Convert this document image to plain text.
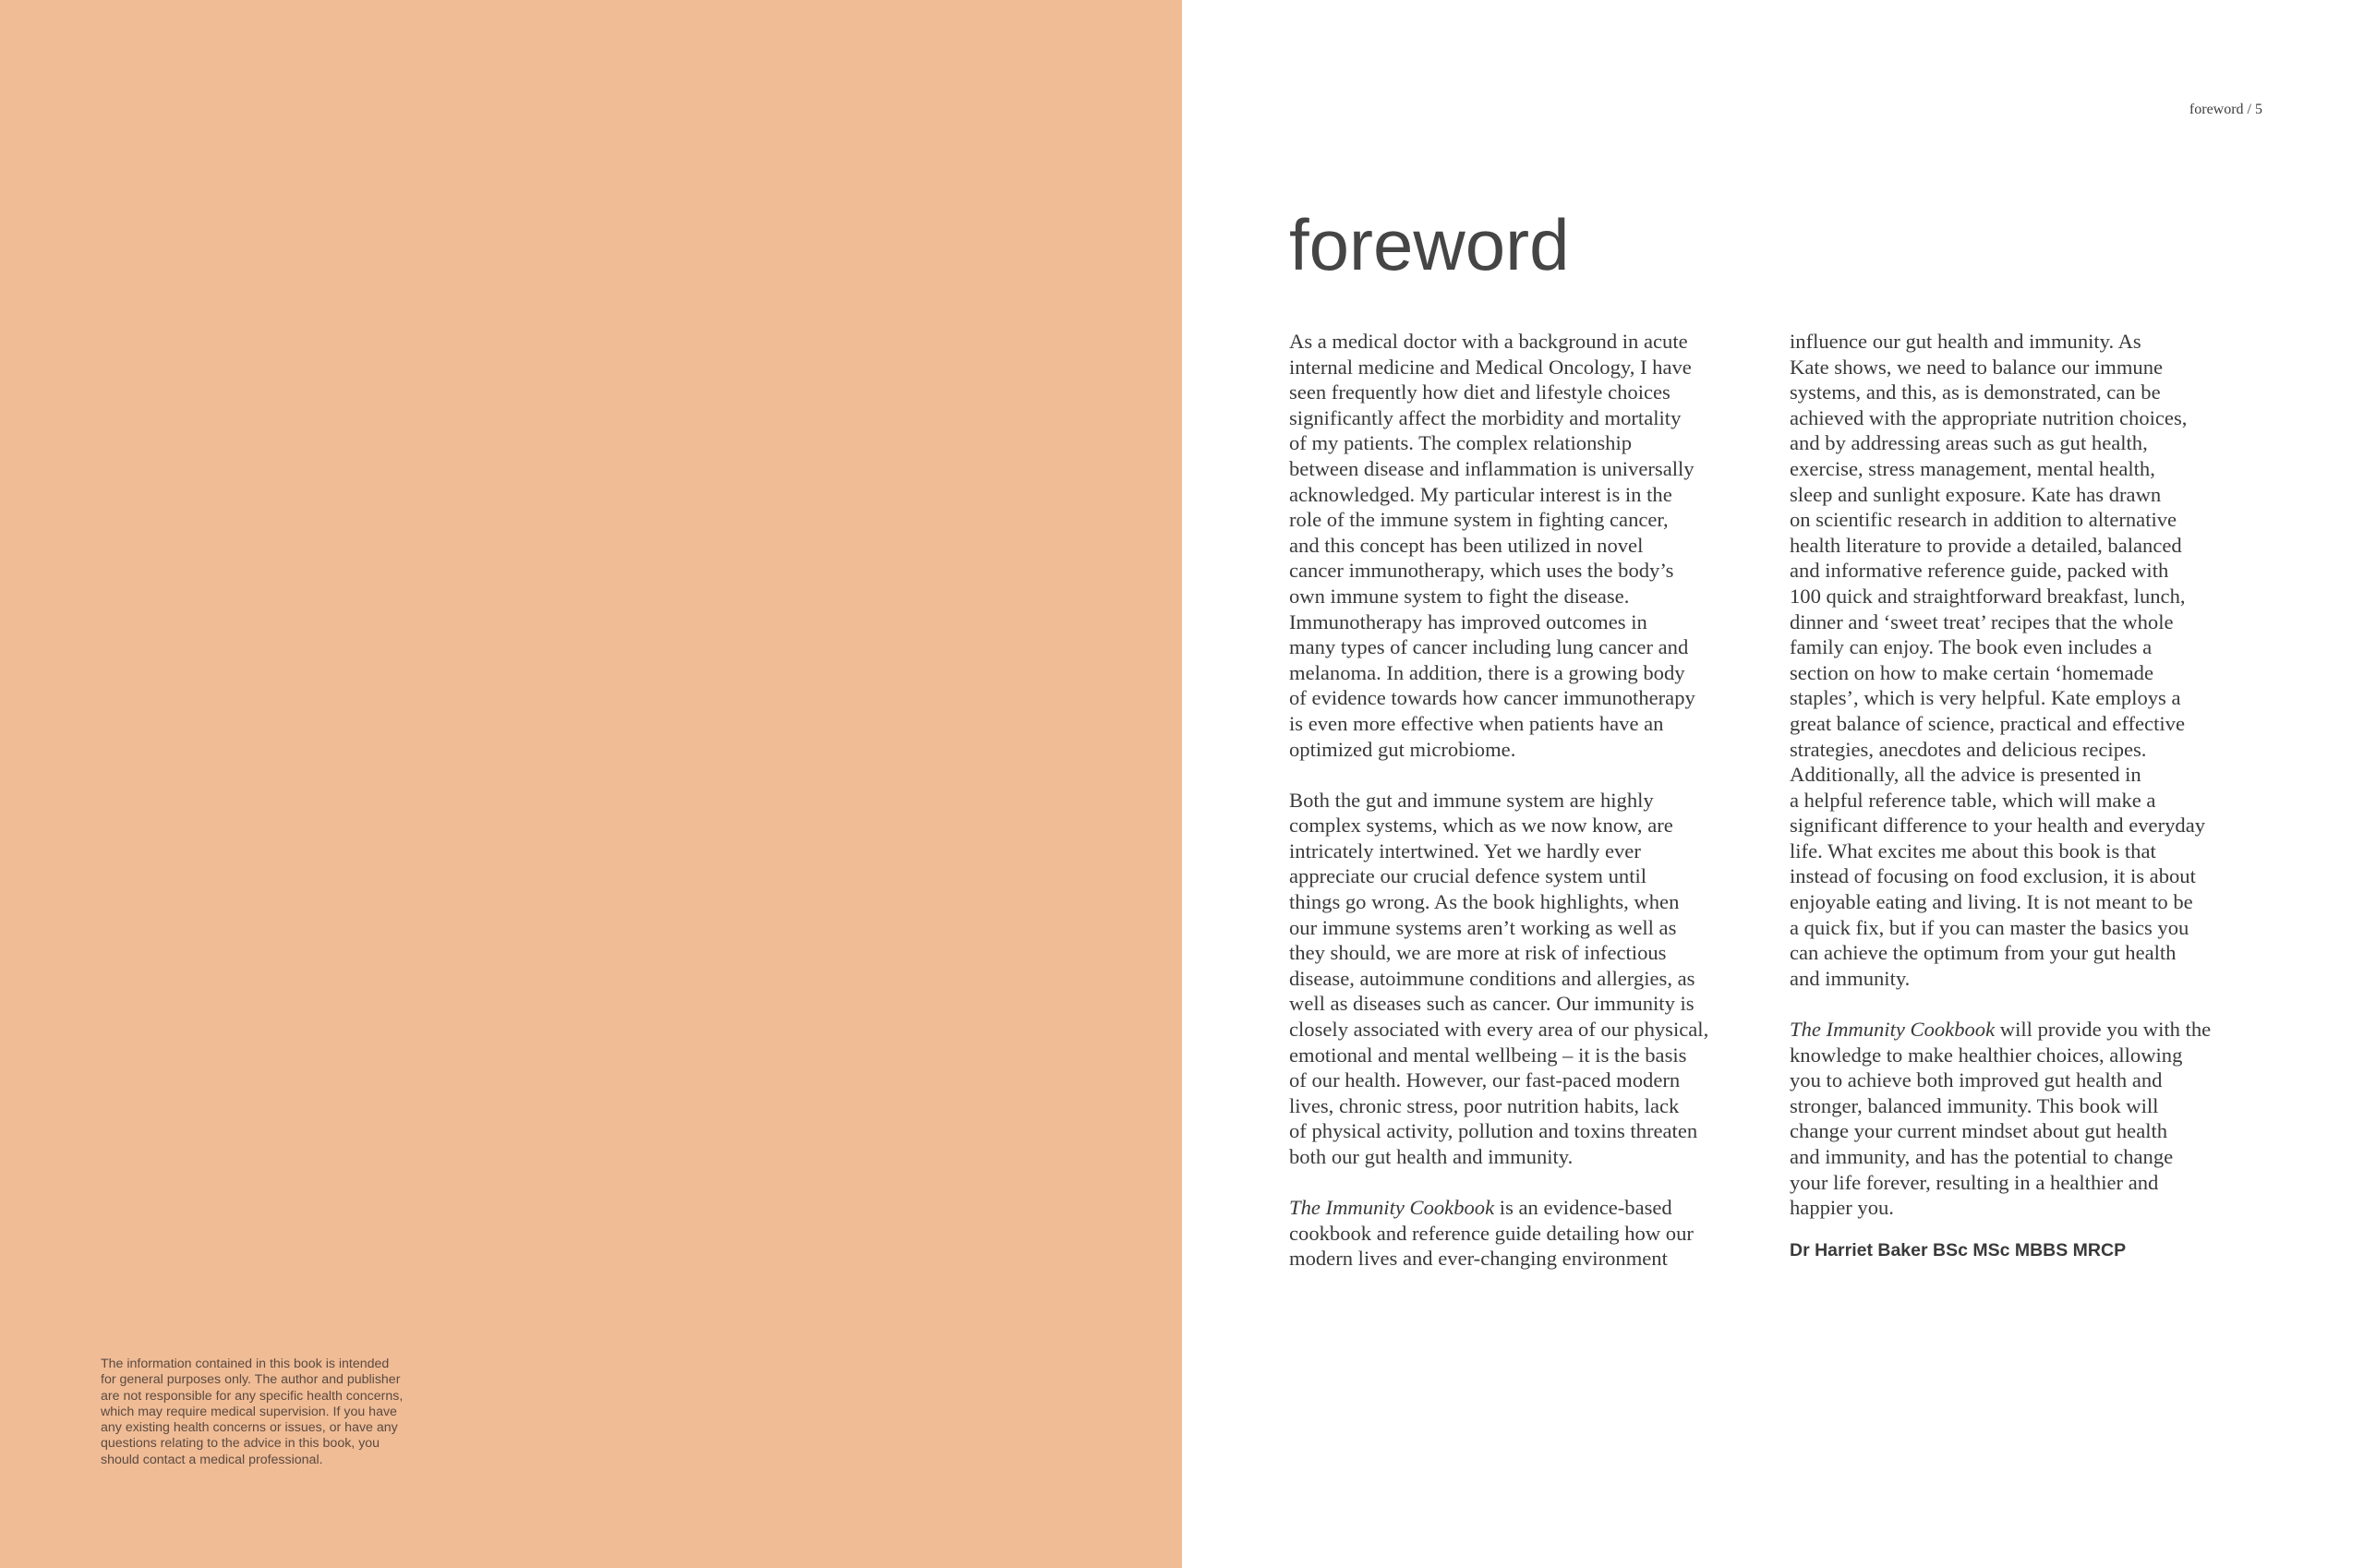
The information contained in this book is intended
for general purposes only. The author and publisher
are not responsible for any specific health concerns,
which may require medical supervision. If you have
any existing health concerns or issues, or have any
questions relating to the advice in this book, you
should contact a medical professional.
foreword / 5
foreword

As a medical doctor with a background in acute
internal medicine and Medical Oncology, I have
seen frequently how diet and lifestyle choices
significantly affect the morbidity and mortality
of my patients. The complex relationship
between disease and inflammation is universally
acknowledged. My particular interest is in the
role of the immune system in fighting cancer,
and this concept has been utilized in novel
cancer immunotherapy, which uses the body’s
own immune system to fight the disease.
Immunotherapy has improved outcomes in
many types of cancer including lung cancer and
melanoma. In addition, there is a growing body
of evidence towards how cancer immunotherapy
is even more effective when patients have an
optimized gut microbiome.

Both the gut and immune system are highly
complex systems, which as we now know, are
intricately intertwined. Yet we hardly ever
appreciate our crucial defence system until
things go wrong. As the book highlights, when
our immune systems aren’t working as well as
they should, we are more at risk of infectious
disease, autoimmune conditions and allergies, as
well as diseases such as cancer. Our immunity is
closely associated with every area of our physical,
emotional and mental wellbeing – it is the basis
of our health. However, our fast-paced modern
lives, chronic stress, poor nutrition habits, lack
of physical activity, pollution and toxins threaten
both our gut health and immunity.

The Immunity Cookbook is an evidence-based
cookbook and reference guide detailing how our
modern lives and ever-changing environment

influence our gut health and immunity. As
Kate shows, we need to balance our immune
systems, and this, as is demonstrated, can be
achieved with the appropriate nutrition choices,
and by addressing areas such as gut health,
exercise, stress management, mental health,
sleep and sunlight exposure. Kate has drawn
on scientific research in addition to alternative
health literature to provide a detailed, balanced
and informative reference guide, packed with
100 quick and straightforward breakfast, lunch,
dinner and ‘sweet treat’ recipes that the whole
family can enjoy. The book even includes a
section on how to make certain ‘homemade
staples’, which is very helpful. Kate employs a
great balance of science, practical and effective
strategies, anecdotes and delicious recipes.
Additionally, all the advice is presented in
a helpful reference table, which will make a
significant difference to your health and everyday
life. What excites me about this book is that
instead of focusing on food exclusion, it is about
enjoyable eating and living. It is not meant to be
a quick fix, but if you can master the basics you
can achieve the optimum from your gut health
and immunity.

The Immunity Cookbook will provide you with the
knowledge to make healthier choices, allowing
you to achieve both improved gut health and
stronger, balanced immunity. This book will
change your current mindset about gut health
and immunity, and has the potential to change
your life forever, resulting in a healthier and
happier you.

Dr Harriet Baker BSc MSc MBBS MRCP
